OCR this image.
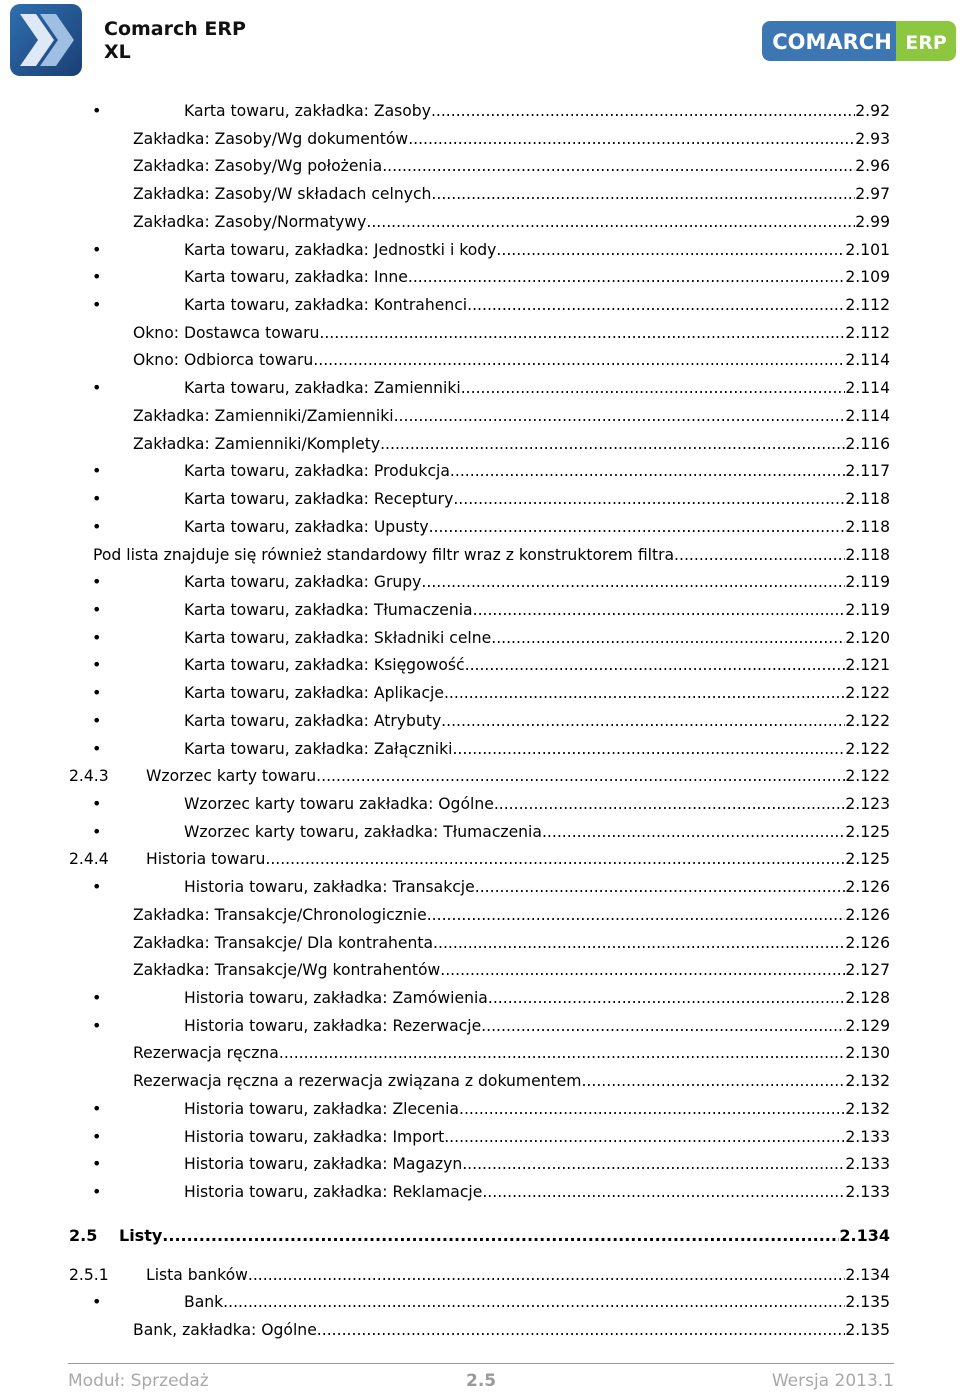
Comarch ERP
XL	COMARCH ERP
•	Karta towaru, zakładka: Zasoby .....	2.92
Zakładka: Zasoby/Wg dokumentów .....	2.93
Zakładka: Zasoby/Wg położenia .....	2.96
Zakładka: Zasoby/W składach celnych .....	2.97
Zakładka: Zasoby/Normatywy .....	2.99
•	Karta towaru, zakładka: Jednostki i kody .....	2.101
•	Karta towaru, zakładka: Inne .....	2.109
•	Karta towaru, zakładka: Kontrahenci .....	2.112
Okno: Dostawca towaru .....	2.112
Okno: Odbiorca towaru .....	2.114
•	Karta towaru, zakładka: Zamienniki .....	2.114
Zakładka: Zamienniki/Zamienniki .....	2.114
Zakładka: Zamienniki/Komplety .....	2.116
•	Karta towaru, zakładka: Produkcja .....	2.117
•	Karta towaru, zakładka: Receptury .....	2.118
•	Karta towaru, zakładka: Upusty .....	2.118
Pod lista znajduje się również standardowy filtr wraz z konstruktorem filtra. .....	2.118
•	Karta towaru, zakładka: Grupy .....	2.119
•	Karta towaru, zakładka: Tłumaczenia .....	2.119
•	Karta towaru, zakładka: Składniki celne .....	2.120
•	Karta towaru, zakładka: Księgowość .....	2.121
•	Karta towaru, zakładka: Aplikacje .....	2.122
•	Karta towaru, zakładka: Atrybuty .....	2.122
•	Karta towaru, zakładka: Załączniki .....	2.122
2.4.3 Wzorzec karty towaru .....	2.122
•	Wzorzec karty towaru zakładka: Ogólne .....	2.123
•	Wzorzec karty towaru, zakładka: Tłumaczenia. .....	2.125
2.4.4 Historia towaru .....	2.125
•	Historia towaru, zakładka: Transakcje .....	2.126
Zakładka: Transakcje/Chronologicznie .....	2.126
Zakładka: Transakcje/ Dla kontrahenta .....	2.126
Zakładka: Transakcje/Wg kontrahentów .....	2.127
•	Historia towaru, zakładka: Zamówienia .....	2.128
•	Historia towaru, zakładka: Rezerwacje .....	2.129
Rezerwacja ręczna .....	2.130
Rezerwacja ręczna a rezerwacja związana z dokumentem .....	2.132
•	Historia towaru, zakładka: Zlecenia .....	2.132
•	Historia towaru, zakładka: Import .....	2.133
•	Historia towaru, zakładka: Magazyn .....	2.133
•	Historia towaru, zakładka: Reklamacje .....	2.133
2.5 Listy .....	2.134
2.5.1 Lista banków .....	2.134
•	Bank .....	2.135
Bank, zakładka: Ogólne .....	2.135
Moduł: Sprzedaż	2.5	Wersja 2013.1
